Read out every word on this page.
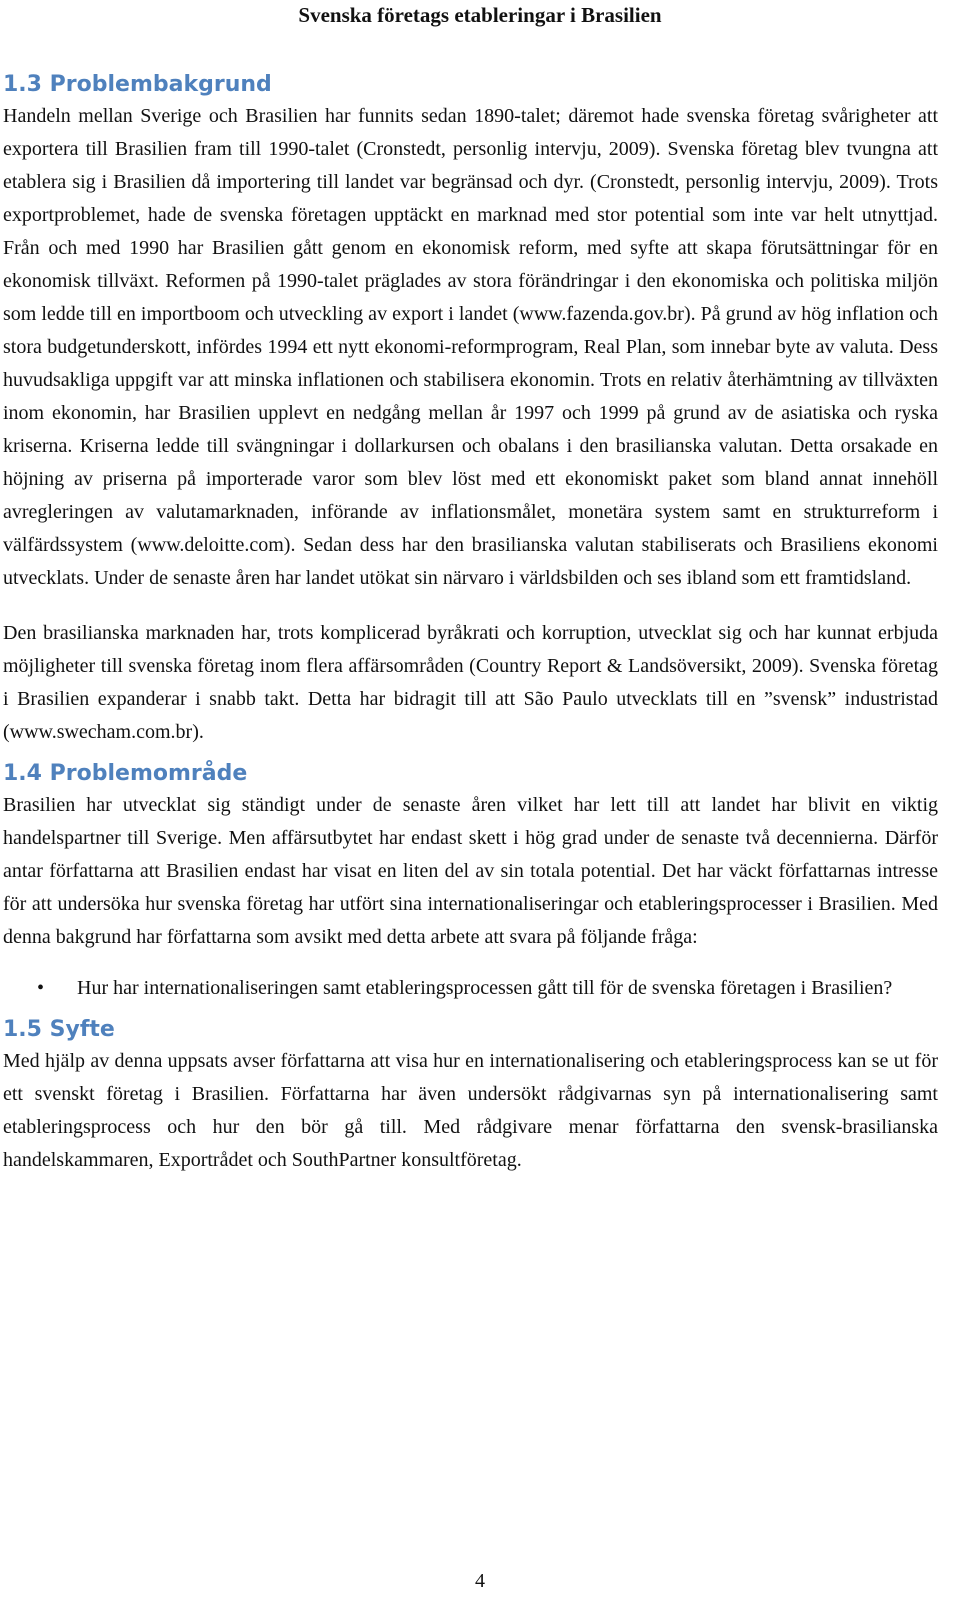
Svenska företags etableringar i Brasilien
1.3 Problembakgrund

Handeln mellan Sverige och Brasilien har funnits sedan 1890-talet; däremot hade svenska företag svårigheter att exportera till Brasilien fram till 1990-talet (Cronstedt, personlig intervju, 2009). Svenska företag blev tvungna att etablera sig i Brasilien då importering till landet var begränsad och dyr. (Cronstedt, personlig intervju, 2009). Trots exportproblemet, hade de svenska företagen upptäckt en marknad med stor potential som inte var helt utnyttjad. Från och med 1990 har Brasilien gått genom en ekonomisk reform, med syfte att skapa förutsättningar för en ekonomisk tillväxt. Reformen på 1990-talet präglades av stora förändringar i den ekonomiska och politiska miljön som ledde till en importboom och utveckling av export i landet (www.fazenda.gov.br). På grund av hög inflation och stora budgetunderskott, infördes 1994 ett nytt ekonomi-reformprogram, Real Plan, som innebar byte av valuta. Dess huvudsakliga uppgift var att minska inflationen och stabilisera ekonomin. Trots en relativ återhämtning av tillväxten inom ekonomin, har Brasilien upplevt en nedgång mellan år 1997 och 1999 på grund av de asiatiska och ryska kriserna. Kriserna ledde till svängningar i dollarkursen och obalans i den brasilianska valutan. Detta orsakade en höjning av priserna på importerade varor som blev löst med ett ekonomiskt paket som bland annat innehöll avregleringen av valutamarknaden, införande av inflationsmålet, monetära system samt en strukturreform i välfärdssystem (www.deloitte.com). Sedan dess har den brasilianska valutan stabiliserats och Brasiliens ekonomi utvecklats. Under de senaste åren har landet utökat sin närvaro i världsbilden och ses ibland som ett framtidsland.

Den brasilianska marknaden har, trots komplicerad byråkrati och korruption, utvecklat sig och har kunnat erbjuda möjligheter till svenska företag inom flera affärsområden (Country Report & Landsöversikt, 2009). Svenska företag i Brasilien expanderar i snabb takt. Detta har bidragit till att São Paulo utvecklats till en ”svensk” industristad (www.swecham.com.br).

1.4 Problemområde

Brasilien har utvecklat sig ständigt under de senaste åren vilket har lett till att landet har blivit en viktig handelspartner till Sverige. Men affärsutbytet har endast skett i hög grad under de senaste två decennierna. Därför antar författarna att Brasilien endast har visat en liten del av sin totala potential. Det har väckt författarnas intresse för att undersöka hur svenska företag har utfört sina internationaliseringar och etableringsprocesser i Brasilien. Med denna bakgrund har författarna som avsikt med detta arbete att svara på följande fråga:

• Hur har internationaliseringen samt etableringsprocessen gått till för de svenska företagen i Brasilien?
1.5 Syfte

Med hjälp av denna uppsats avser författarna att visa hur en internationalisering och etableringsprocess kan se ut för ett svenskt företag i Brasilien. Författarna har även undersökt rådgivarnas syn på internationalisering samt etableringsprocess och hur den bör gå till. Med rådgivare menar författarna den svensk-brasilianska handelskammaren, Exportrådet och SouthPartner konsultföretag.

4
